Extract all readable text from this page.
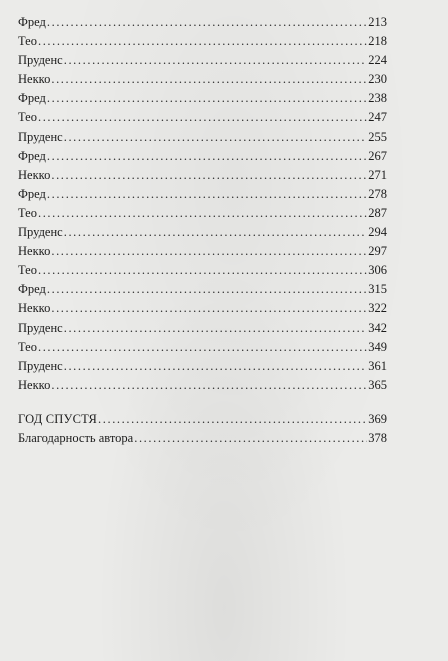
Фред .....	213
Тео .....	218
Пруденс .....	224
Некко .....	230
Фред .....	238
Тео .....	247
Пруденс .....	255
Фред .....	267
Некко .....	271
Фред .....	278
Тео .....	287
Пруденс .....	294
Некко .....	297
Тео .....	306
Фред .....	315
Некко .....	322
Пруденс .....	342
Тео .....	349
Пруденс .....	361
Некко .....	365
ГОД СПУСТЯ .....	369
Благодарность автора .....	378
